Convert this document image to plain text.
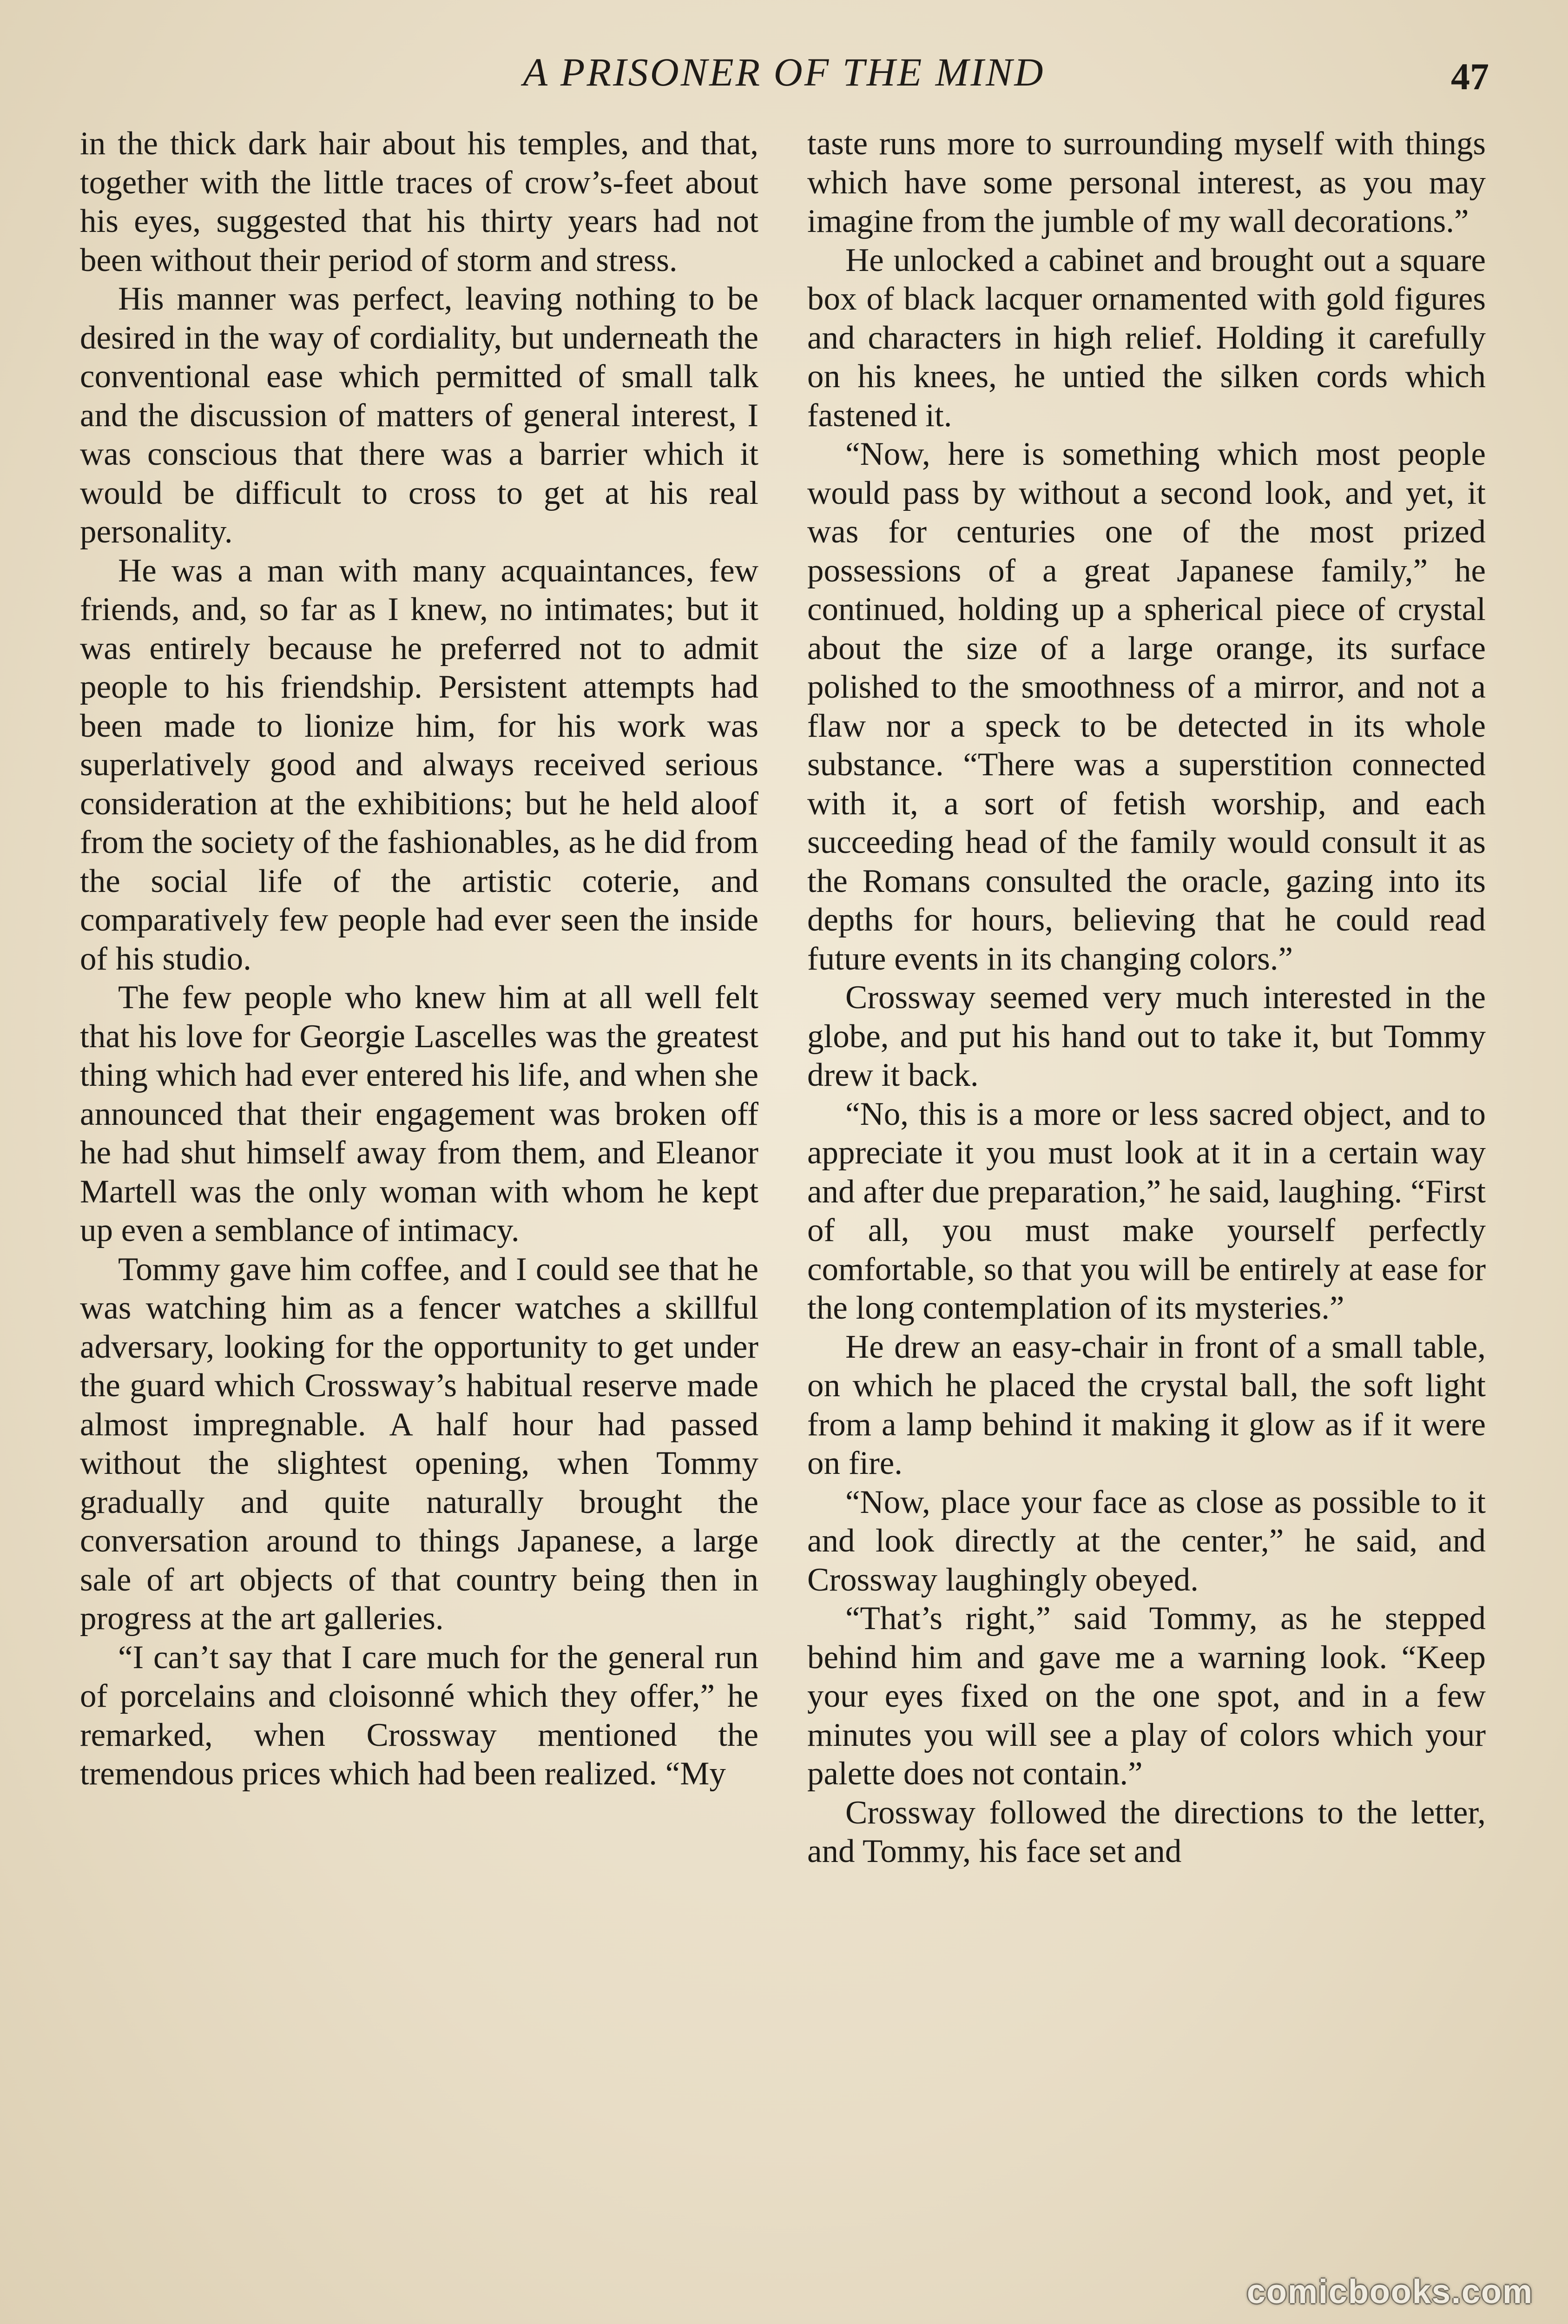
A PRISONER OF THE MIND	47

in the thick dark hair about his temples, and that, together with the little traces of crow’s-feet about his eyes, suggested that his thirty years had not been without their period of storm and stress.

His manner was perfect, leaving nothing to be desired in the way of cordiality, but underneath the conventional ease which permitted of small talk and the discussion of matters of general interest, I was conscious that there was a barrier which it would be difficult to cross to get at his real personality.

He was a man with many acquaintances, few friends, and, so far as I knew, no intimates; but it was entirely because he preferred not to admit people to his friendship. Persistent attempts had been made to lionize him, for his work was superlatively good and always received serious consideration at the exhibitions; but he held aloof from the society of the fashionables, as he did from the social life of the artistic coterie, and comparatively few people had ever seen the inside of his studio.

The few people who knew him at all well felt that his love for Georgie Lascelles was the greatest thing which had ever entered his life, and when she announced that their engagement was broken off he had shut himself away from them, and Eleanor Martell was the only woman with whom he kept up even a semblance of intimacy.

Tommy gave him coffee, and I could see that he was watching him as a fencer watches a skillful adversary, looking for the opportunity to get under the guard which Crossway’s habitual reserve made almost impregnable. A half hour had passed without the slightest opening, when Tommy gradually and quite naturally brought the conversation around to things Japanese, a large sale of art objects of that country being then in progress at the art galleries.

“I can’t say that I care much for the general run of porcelains and cloisonné which they offer,” he remarked, when Crossway mentioned the tremendous prices which had been realized. “My

taste runs more to surrounding myself with things which have some personal interest, as you may imagine from the jumble of my wall decorations.”

He unlocked a cabinet and brought out a square box of black lacquer ornamented with gold figures and characters in high relief. Holding it carefully on his knees, he untied the silken cords which fastened it.

“Now, here is something which most people would pass by without a second look, and yet, it was for centuries one of the most prized possessions of a great Japanese family,” he continued, holding up a spherical piece of crystal about the size of a large orange, its surface polished to the smoothness of a mirror, and not a flaw nor a speck to be detected in its whole substance. “There was a superstition connected with it, a sort of fetish worship, and each succeeding head of the family would consult it as the Romans consulted the oracle, gazing into its depths for hours, believing that he could read future events in its changing colors.”

Crossway seemed very much interested in the globe, and put his hand out to take it, but Tommy drew it back.

“No, this is a more or less sacred object, and to appreciate it you must look at it in a certain way and after due preparation,” he said, laughing. “First of all, you must make yourself perfectly comfortable, so that you will be entirely at ease for the long contemplation of its mysteries.”

He drew an easy-chair in front of a small table, on which he placed the crystal ball, the soft light from a lamp behind it making it glow as if it were on fire.

“Now, place your face as close as possible to it and look directly at the center,” he said, and Crossway laughingly obeyed.

“That’s right,” said Tommy, as he stepped behind him and gave me a warning look. “Keep your eyes fixed on the one spot, and in a few minutes you will see a play of colors which your palette does not contain.”

Crossway followed the directions to the letter, and Tommy, his face set and

comicbooks.com
